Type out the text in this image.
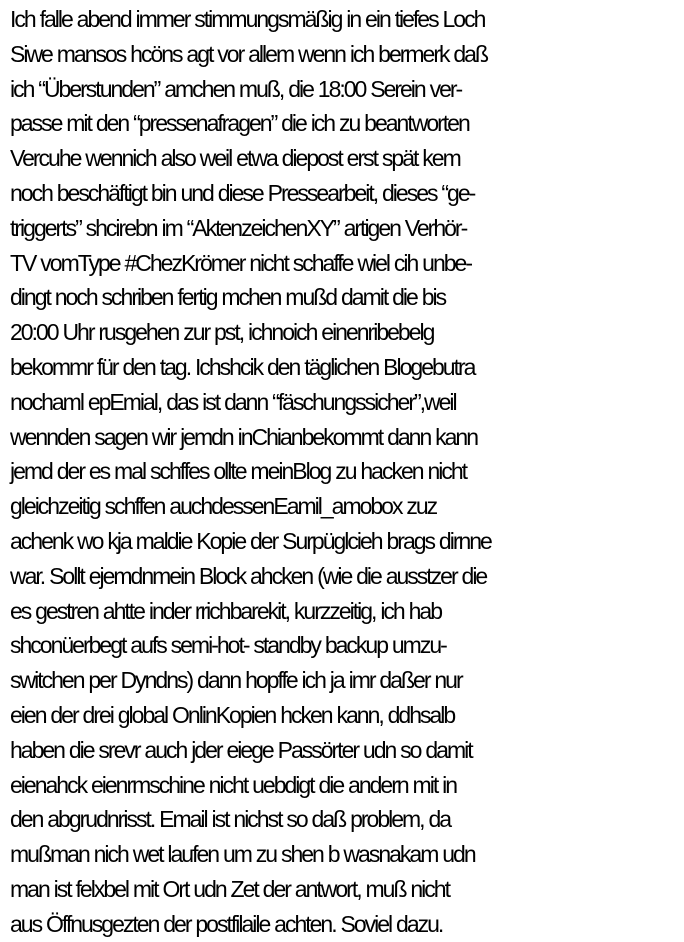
Ich falle abend immer stimmungsmäßig in ein tiefes Loch
Siwe mansos hcöns agt vor allem wenn ich bermerk daß
ich “Überstunden” amchen muß, die 18:00 Serein ver-
passe mit den “pressenafragen” die ich zu beantworten
Vercuhe wennich also weil etwa diepost erst spät kem
noch beschäftigt bin und diese Pressearbeit, dieses “ge-
triggerts” shcirebn im “AktenzeichenXY” artigen Verhör-
TV vomType #ChezKrömer nicht schaffe wiel cih unbe-
dingt noch schriben fertig mchen mußd damit die bis
20:00 Uhr rusgehen zur pst, ichnoich einenribebelg
bekommr für den tag. Ichshcik den täglichen Blogebutra
nochaml epEmial, das ist dann “fäschungssicher”,weil
wennden sagen wir jemdn inChianbekommt dann kann
jemd der es mal schffes ollte meinBlog zu hacken nicht
gleichzeitig schffen auchdessenEamil_amobox zuz
achenk wo kja maldie Kopie der Surpüglcieh brags dirnne
war. Sollt ejemdnmein Block ahcken (wie die ausstzer die
es gestren ahtte inder rrichbarekit, kurzzeitig, ich hab
shconüerbegt aufs semi-hot- standby backup umzu-
switchen per Dyndns) dann hopffe ich ja imr daßer nur
eien der drei global OnlinKopien hcken kann, ddhsalb
haben die srevr auch jder eiege Passörter udn so damit
eienahck eienrmschine nicht uebdigt die andern mit in
den abgrudnrisst. Email ist nichst so daß problem, da
mußman nich wet laufen um zu shen b wasnakam udn
man ist felxbel mit Ort udn Zet der antwort, muß nicht
aus Öffnusgezten der postfilaile achten. Soviel dazu.
